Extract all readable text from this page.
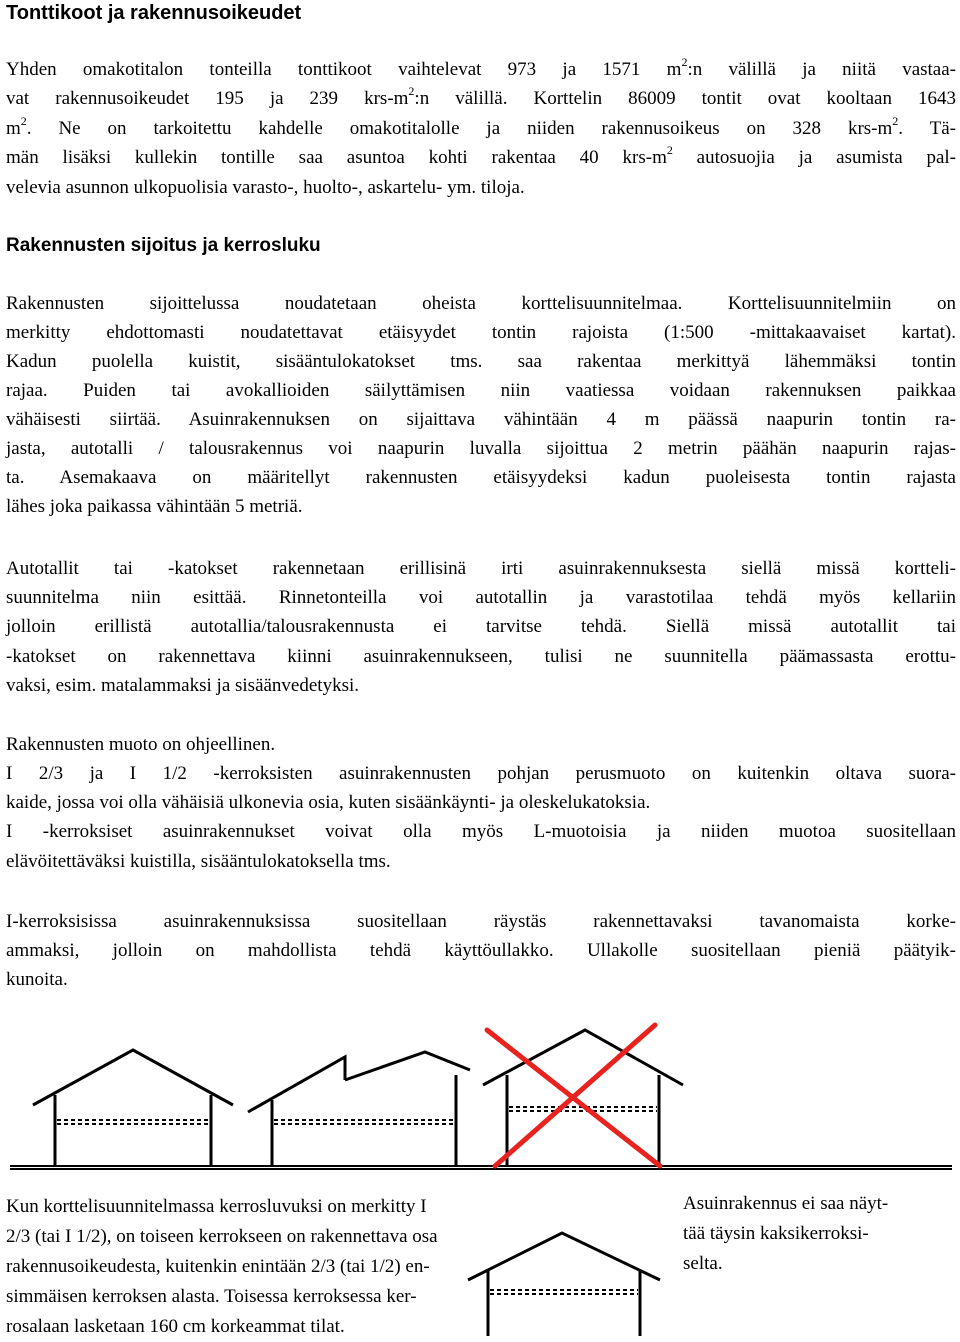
Tonttikoot ja rakennusoikeudet
Yhden omakotitalon tonteilla tonttikoot vaihtelevat 973 ja 1571 $m^2:n$ välillä ja niitä vastaa-
vat rakennusoikeudet 195 ja 239 krs-$m^2:n$ välillä. Korttelin 86009 tontit ovat kooltaan 1643
$m^2$. Ne on tarkoitettu kahdelle omakotitalolle ja niiden rakennusoikeus on 328 krs-$m^2$. Tä-
män lisäksi kullekin tontille saa asuntoa kohti rakentaa 40 krs-$m^2$ autosuojia ja asumista pal-
velevia asunnon ulkopuolisia varasto-, huolto-, askartelu- ym. tiloja.
Rakennusten sijoitus ja kerrosluku
Rakennusten sijoittelussa noudatetaan oheista korttelisuunnitelmaa. Korttelisuunnitelmiin on
merkitty ehdottomasti noudatettavat etäisyydet tontin rajoista (1:500 -mittakaavaiset kartat).
Kadun puolella kuistit, sisääntulokatokset tms. saa rakentaa merkittyä lähemmäksi tontin
rajaa. Puiden tai avokallioiden säilyttämisen niin vaatiessa voidaan rakennuksen paikkaa
vähäisesti siirtää. Asuinrakennuksen on sijaittava vähintään 4 m päässä naapurin tontin ra-
jasta, autotalli / talousrakennus voi naapurin luvalla sijoittua 2 metrin päähän naapurin rajas-
ta. Asemakaava on määritellyt rakennusten etäisyydeksi kadun puoleisesta tontin rajasta
lähes joka paikassa vähintään 5 metriä.
Autotallit tai -katokset rakennetaan erillisinä irti asuinrakennuksesta siellä missä kortteli-
suunnitelma niin esittää. Rinnetonteilla voi autotallin ja varastotilaa tehdä myös kellariin
jolloin erillistä autotallia/talousrakennusta ei tarvitse tehdä. Siellä missä autotallit tai
-katokset on rakennettava kiinni asuinrakennukseen, tulisi ne suunnitella päämassasta erottu-
vaksi, esim. matalammaksi ja sisäänvedetyksi.
Rakennusten muoto on ohjeellinen.
I 2/3 ja I 1/2 -kerroksisten asuinrakennusten pohjan perusmuoto on kuitenkin oltava suora-
kaide, jossa voi olla vähäisiä ulkonevia osia, kuten sisäänkäynti- ja oleskelukatoksia.
I -kerroksiset asuinrakennukset voivat olla myös L-muotoisia ja niiden muotoa suositellaan
elävöitettäväksi kuistilla, sisääntulokatoksella tms.
I-kerroksisissa asuinrakennuksissa suositellaan räystäs rakennettavaksi tavanomaista korke-
ammaksi, jolloin on mahdollista tehdä käyttöullakko. Ullakolle suositellaan pieniä päätyik-
kunoita.
Kun korttelisuunnitelmassa kerrosluvuksi on merkitty I
2/3 (tai I 1/2), on toiseen kerrokseen on rakennettava osa
rakennusoikeudesta, kuitenkin enintään 2/3 (tai 1/2) en-
simmäisen kerroksen alasta. Toisessa kerroksessa ker-
rosalaan lasketaan 160 cm korkeammat tilat.
Asuinrakennus ei saa näyt-
tää täysin kaksikerroksi-
selta.
